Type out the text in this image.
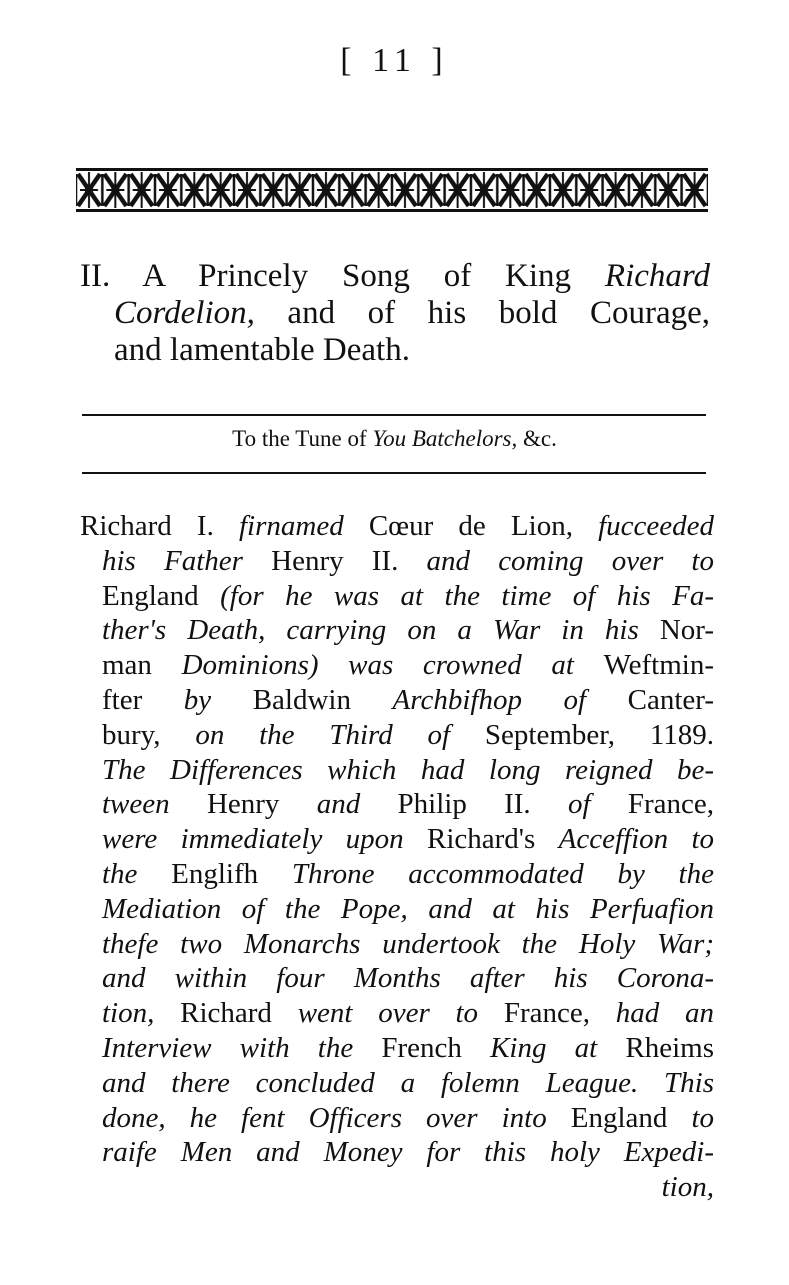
[ 11 ]
II. A Princely Song of King Richard
Cordelion, and of his bold Courage,
and lamentable Death.
To the Tune of You Batchelors, &c.
Richard I. firnamed Cœur de Lion, fucceeded
his Father Henry II. and coming over to
England (for he was at the time of his Fa-
ther's Death, carrying on a War in his Nor-
man Dominions) was crowned at Weftmin-
fter by Baldwin Archbifhop of Canter-
bury, on the Third of September, 1189.
The Differences which had long reigned be-
tween Henry and Philip II. of France,
were immediately upon Richard's Acceffion to
the Englifh Throne accommodated by the
Mediation of the Pope, and at his Perfuafion
thefe two Monarchs undertook the Holy War;
and within four Months after his Corona-
tion, Richard went over to France, had an
Interview with the French King at Rheims
and there concluded a folemn League. This
done, he fent Officers over into England to
raife Men and Money for this holy Expedi-
tion,
